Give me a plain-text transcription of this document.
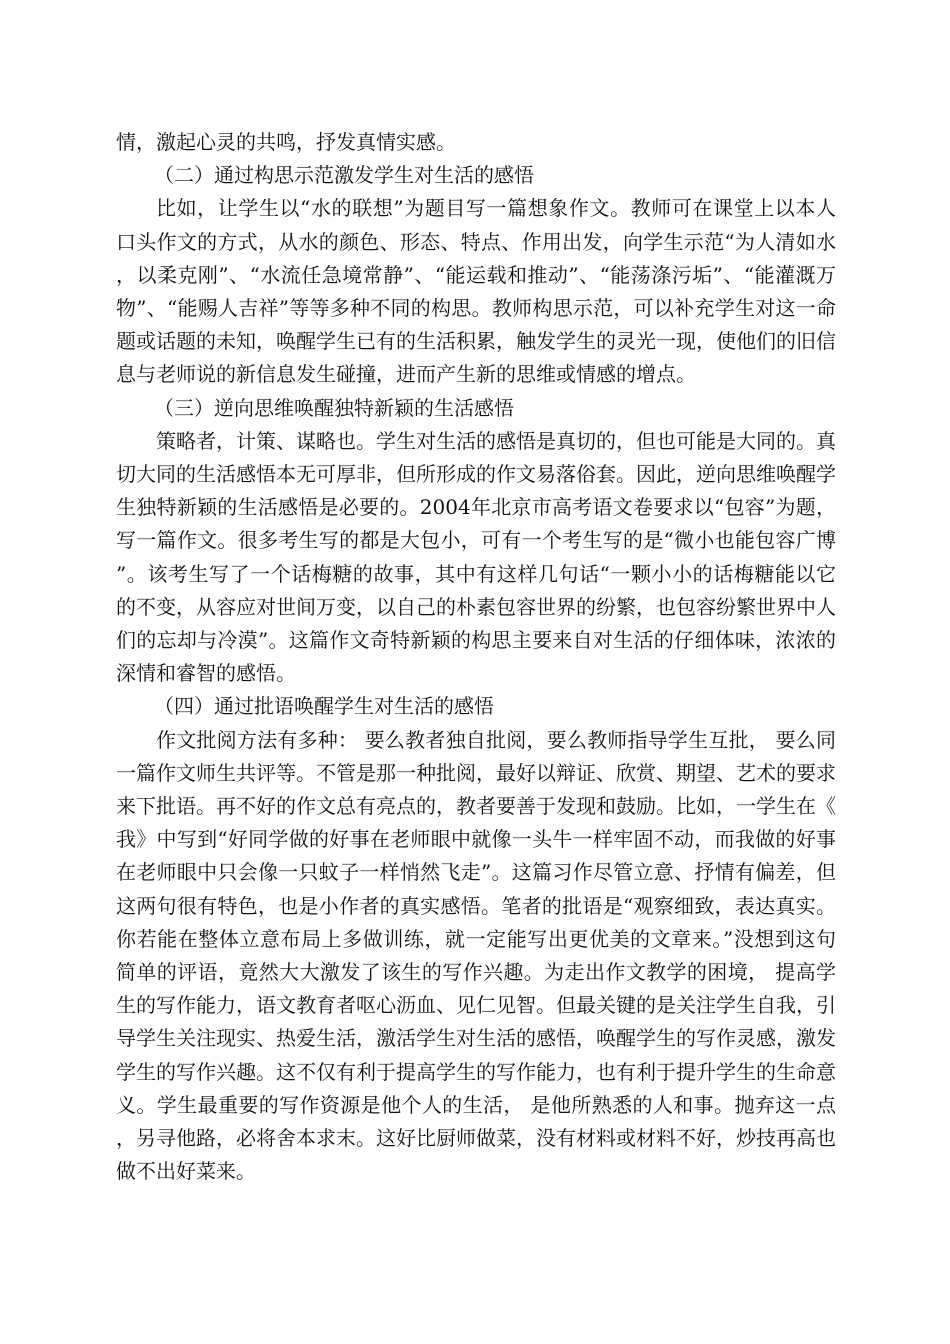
情，激起心灵的共鸣，抒发真情实感。

（二）通过构思示范激发学生对生活的感悟

比如，让学生以“水的联想”为题目写一篇想象作文。教师可在课堂上以本人口头作文的方式，从水的颜色、形态、特点、作用出发，向学生示范“为人清如水，以柔克刚”、“水流任急境常静”、“能运载和推动”、“能荡涤污垢”、“能灌溉万物”、“能赐人吉祥”等等多种不同的构思。教师构思示范，可以补充学生对这一命题或话题的未知，唤醒学生已有的生活积累，触发学生的灵光一现，使他们的旧信息与老师说的新信息发生碰撞，进而产生新的思维或情感的增点。

（三）逆向思维唤醒独特新颖的生活感悟

策略者，计策、谋略也。学生对生活的感悟是真切的，但也可能是大同的。真切大同的生活感悟本无可厚非，但所形成的作文易落俗套。因此，逆向思维唤醒学生独特新颖的生活感悟是必要的。2004年北京市高考语文卷要求以“包容”为题，写一篇作文。很多考生写的都是大包小，可有一个考生写的是“微小也能包容广博”。该考生写了一个话梅糖的故事，其中有这样几句话“一颗小小的话梅糖能以它的不变，从容应对世间万变，以自己的朴素包容世界的纷繁，也包容纷繁世界中人们的忘却与冷漠”。这篇作文奇特新颖的构思主要来自对生活的仔细体味，浓浓的深情和睿智的感悟。

（四）通过批语唤醒学生对生活的感悟

作文批阅方法有多种： 要么教者独自批阅，要么教师指导学生互批， 要么同一篇作文师生共评等。不管是那一种批阅，最好以辩证、欣赏、期望、艺术的要求来下批语。再不好的作文总有亮点的，教者要善于发现和鼓励。比如，一学生在《我》中写到“好同学做的好事在老师眼中就像一头牛一样牢固不动，而我做的好事在老师眼中只会像一只蚊子一样悄然飞走”。这篇习作尽管立意、抒情有偏差，但这两句很有特色，也是小作者的真实感悟。笔者的批语是“观察细致，表达真实。你若能在整体立意布局上多做训练，就一定能写出更优美的文章来。”没想到这句简单的评语，竟然大大激发了该生的写作兴趣。为走出作文教学的困境， 提高学生的写作能力，语文教育者呕心沥血、见仁见智。但最关键的是关注学生自我，引导学生关注现实、热爱生活，激活学生对生活的感悟，唤醒学生的写作灵感，激发学生的写作兴趣。这不仅有利于提高学生的写作能力，也有利于提升学生的生命意义。学生最重要的写作资源是他个人的生活， 是他所熟悉的人和事。抛弃这一点，另寻他路，必将舍本求末。这好比厨师做菜，没有材料或材料不好，炒技再高也做不出好菜来。
